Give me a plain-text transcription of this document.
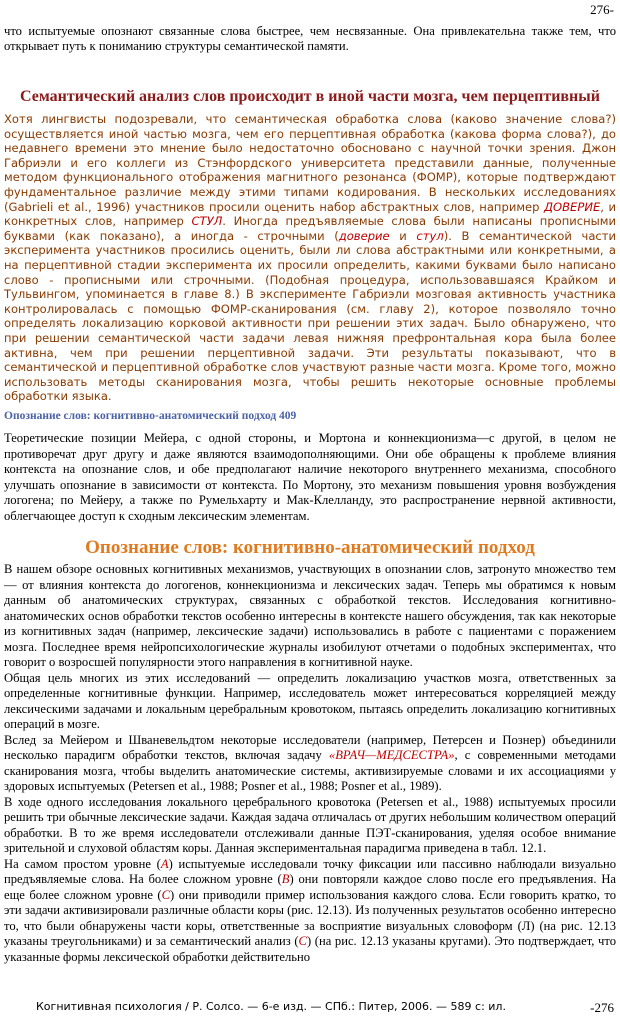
276-
что испытуемые опознают связанные слова быстрее, чем несвязанные. Она привлекательна также тем, что открывает путь к пониманию структуры семантической памяти.
Семантический анализ слов происходит в иной части мозга, чем перцептивный
Хотя лингвисты подозревали, что семантическая обработка слова (каково значение слова?) осуществляется иной частью мозга, чем его перцептивная обработка (какова форма слова?), до недавнего времени это мнение было недостаточно обосновано с научной точки зрения. Джон Габриэли и его коллеги из Стэнфордского университета представили данные, полученные методом функционального отображения магнитного резонанса (ФОМР), которые подтверждают фундаментальное различие между этими типами кодирования. В нескольких исследованиях (Gabrieli et al., 1996) участников просили оценить набор абстрактных слов, например ДОВЕРИЕ, и конкретных слов, например СТУЛ. Иногда предъявляемые слова были написаны прописными буквами (как показано), а иногда - строчными (доверие и стул). В семантической части эксперимента участников просились оценить, были ли слова абстрактными или конкретными, а на перцептивной стадии эксперимента их просили определить, какими буквами было написано слово - прописными или строчными. (Подобная процедура, использовавшаяся Крайком и Тульвингом, упоминается в главе 8.) В эксперименте Габриэли мозговая активность участника контролировалась с помощью ФОМР-сканирования (см. главу 2), которое позволяло точно определять локализацию корковой активности при решении этих задач. Было обнаружено, что при решении семантической части задачи левая нижняя префронтальная кора была более активна, чем при решении перцептивной задачи. Эти результаты показывают, что в семантической и перцептивной обработке слов участвуют разные части мозга. Кроме того, можно использовать методы сканирования мозга, чтобы решить некоторые основные проблемы обработки языка.
Опознание слов: когнитивно-анатомический подход 409
Теоретические позиции Мейера, с одной стороны, и Мортона и коннекционизма—с другой, в целом не противоречат друг другу и даже являются взаимодополняющими. Они обе обращены к проблеме влияния контекста на опознание слов, и обе предполагают наличие некоторого внутреннего механизма, способного улучшать опознание в зависимости от контекста. По Мортону, это механизм повышения уровня возбуждения логогена; по Мейеру, а также по Румельхарту и Мак-Клелланду, это распространение нервной активности, облегчающее доступ к сходным лексическим элементам.
Опознание слов: когнитивно-анатомический подход

В нашем обзоре основных когнитивных механизмов, участвующих в опознании слов, затронуто множество тем — от влияния контекста до логогенов, коннекционизма и лексических задач. Теперь мы обратимся к новым данным об анатомических структурах, связанных с обработкой текстов. Исследования когнитивно-анатомических основ обработки текстов особенно интересны в контексте нашего обсуждения, так как некоторые из когнитивных задач (например, лексические задачи) использовались в работе с пациентами с поражением мозга. Последнее время нейропсихологические журналы изобилуют отчетами о подобных экспериментах, что говорит о возросшей популярности этого направления в когнитивной науке.

Общая цель многих из этих исследований — определить локализацию участков мозга, ответственных за определенные когнитивные функции. Например, исследователь может интересоваться корреляцией между лексическими задачами и локальным церебральным кровотоком, пытаясь определить локализацию когнитивных операций в мозге.

Вслед за Мейером и Шваневельдтом некоторые исследователи (например, Петерсен и Познер) объединили несколько парадигм обработки текстов, включая задачу «ВРАЧ—МЕДСЕСТРА», с современными методами сканирования мозга, чтобы выделить анатомические системы, активизируемые словами и их ассоциациями у здоровых испытуемых (Petersen et al., 1988; Posner et al., 1988; Posner et al., 1989).

В ходе одного исследования локального церебрального кровотока (Petersen et al., 1988) испытуемых просили решить три обычные лексические задачи. Каждая задача отличалась от других небольшим количеством операций обработки. В то же время исследователи отслеживали данные ПЭТ-сканирования, уделяя особое внимание зрительной и слуховой областям коры. Данная экспериментальная парадигма приведена в табл. 12.1.

На самом простом уровне (А) испытуемые исследовали точку фиксации или пассивно наблюдали визуально предъявляемые слова. На более сложном уровне (В) они повторяли каждое слово после его предъявления. На еще более сложном уровне (С) они приводили пример использования каждого слова. Если говорить кратко, то эти задачи активизировали различные области коры (рис. 12.13). Из полученных результатов особенно интересно то, что были обнаружены части коры, ответственные за восприятие визуальных словоформ (Л) (на рис. 12.13 указаны треугольниками) и за семантический анализ (С) (на рис. 12.13 указаны кругами). Это подтверждает, что указанные формы лексической обработки действительно

Когнитивная психология / Р. Солсо. — 6-е изд. — СПб.: Питер, 2006. — 589 с: ил.	-276
